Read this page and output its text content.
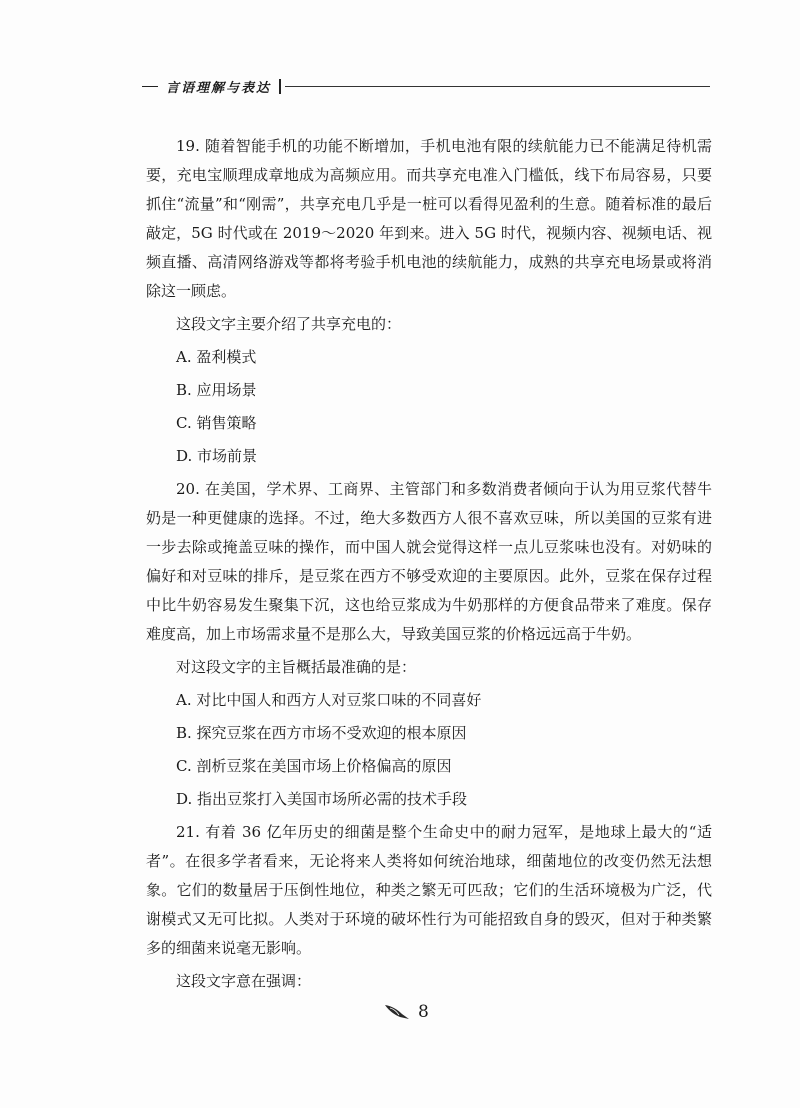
言语理解与表达

19. 随着智能手机的功能不断增加，手机电池有限的续航能力已不能满足待机需要，充电宝顺理成章地成为高频应用。而共享充电准入门槛低，线下布局容易，只要抓住“流量”和“刚需”，共享充电几乎是一桩可以看得见盈利的生意。随着标准的最后敲定，5G 时代或在 2019～2020 年到来。进入 5G 时代，视频内容、视频电话、视频直播、高清网络游戏等都将考验手机电池的续航能力，成熟的共享充电场景或将消除这一顾虑。

这段文字主要介绍了共享充电的：

A. 盈利模式
B. 应用场景
C. 销售策略
D. 市场前景

20. 在美国，学术界、工商界、主管部门和多数消费者倾向于认为用豆浆代替牛奶是一种更健康的选择。不过，绝大多数西方人很不喜欢豆味，所以美国的豆浆有进一步去除或掩盖豆味的操作，而中国人就会觉得这样一点儿豆浆味也没有。对奶味的偏好和对豆味的排斥，是豆浆在西方不够受欢迎的主要原因。此外，豆浆在保存过程中比牛奶容易发生聚集下沉，这也给豆浆成为牛奶那样的方便食品带来了难度。保存难度高，加上市场需求量不是那么大，导致美国豆浆的价格远远高于牛奶。

对这段文字的主旨概括最准确的是：

A. 对比中国人和西方人对豆浆口味的不同喜好
B. 探究豆浆在西方市场不受欢迎的根本原因
C. 剖析豆浆在美国市场上价格偏高的原因
D. 指出豆浆打入美国市场所必需的技术手段

21. 有着 36 亿年历史的细菌是整个生命史中的耐力冠军，是地球上最大的“适者”。在很多学者看来，无论将来人类将如何统治地球，细菌地位的改变仍然无法想象。它们的数量居于压倒性地位，种类之繁无可匹敌；它们的生活环境极为广泛，代谢模式又无可比拟。人类对于环境的破坏性行为可能招致自身的毁灭，但对于种类繁多的细菌来说毫无影响。

这段文字意在强调：

8
